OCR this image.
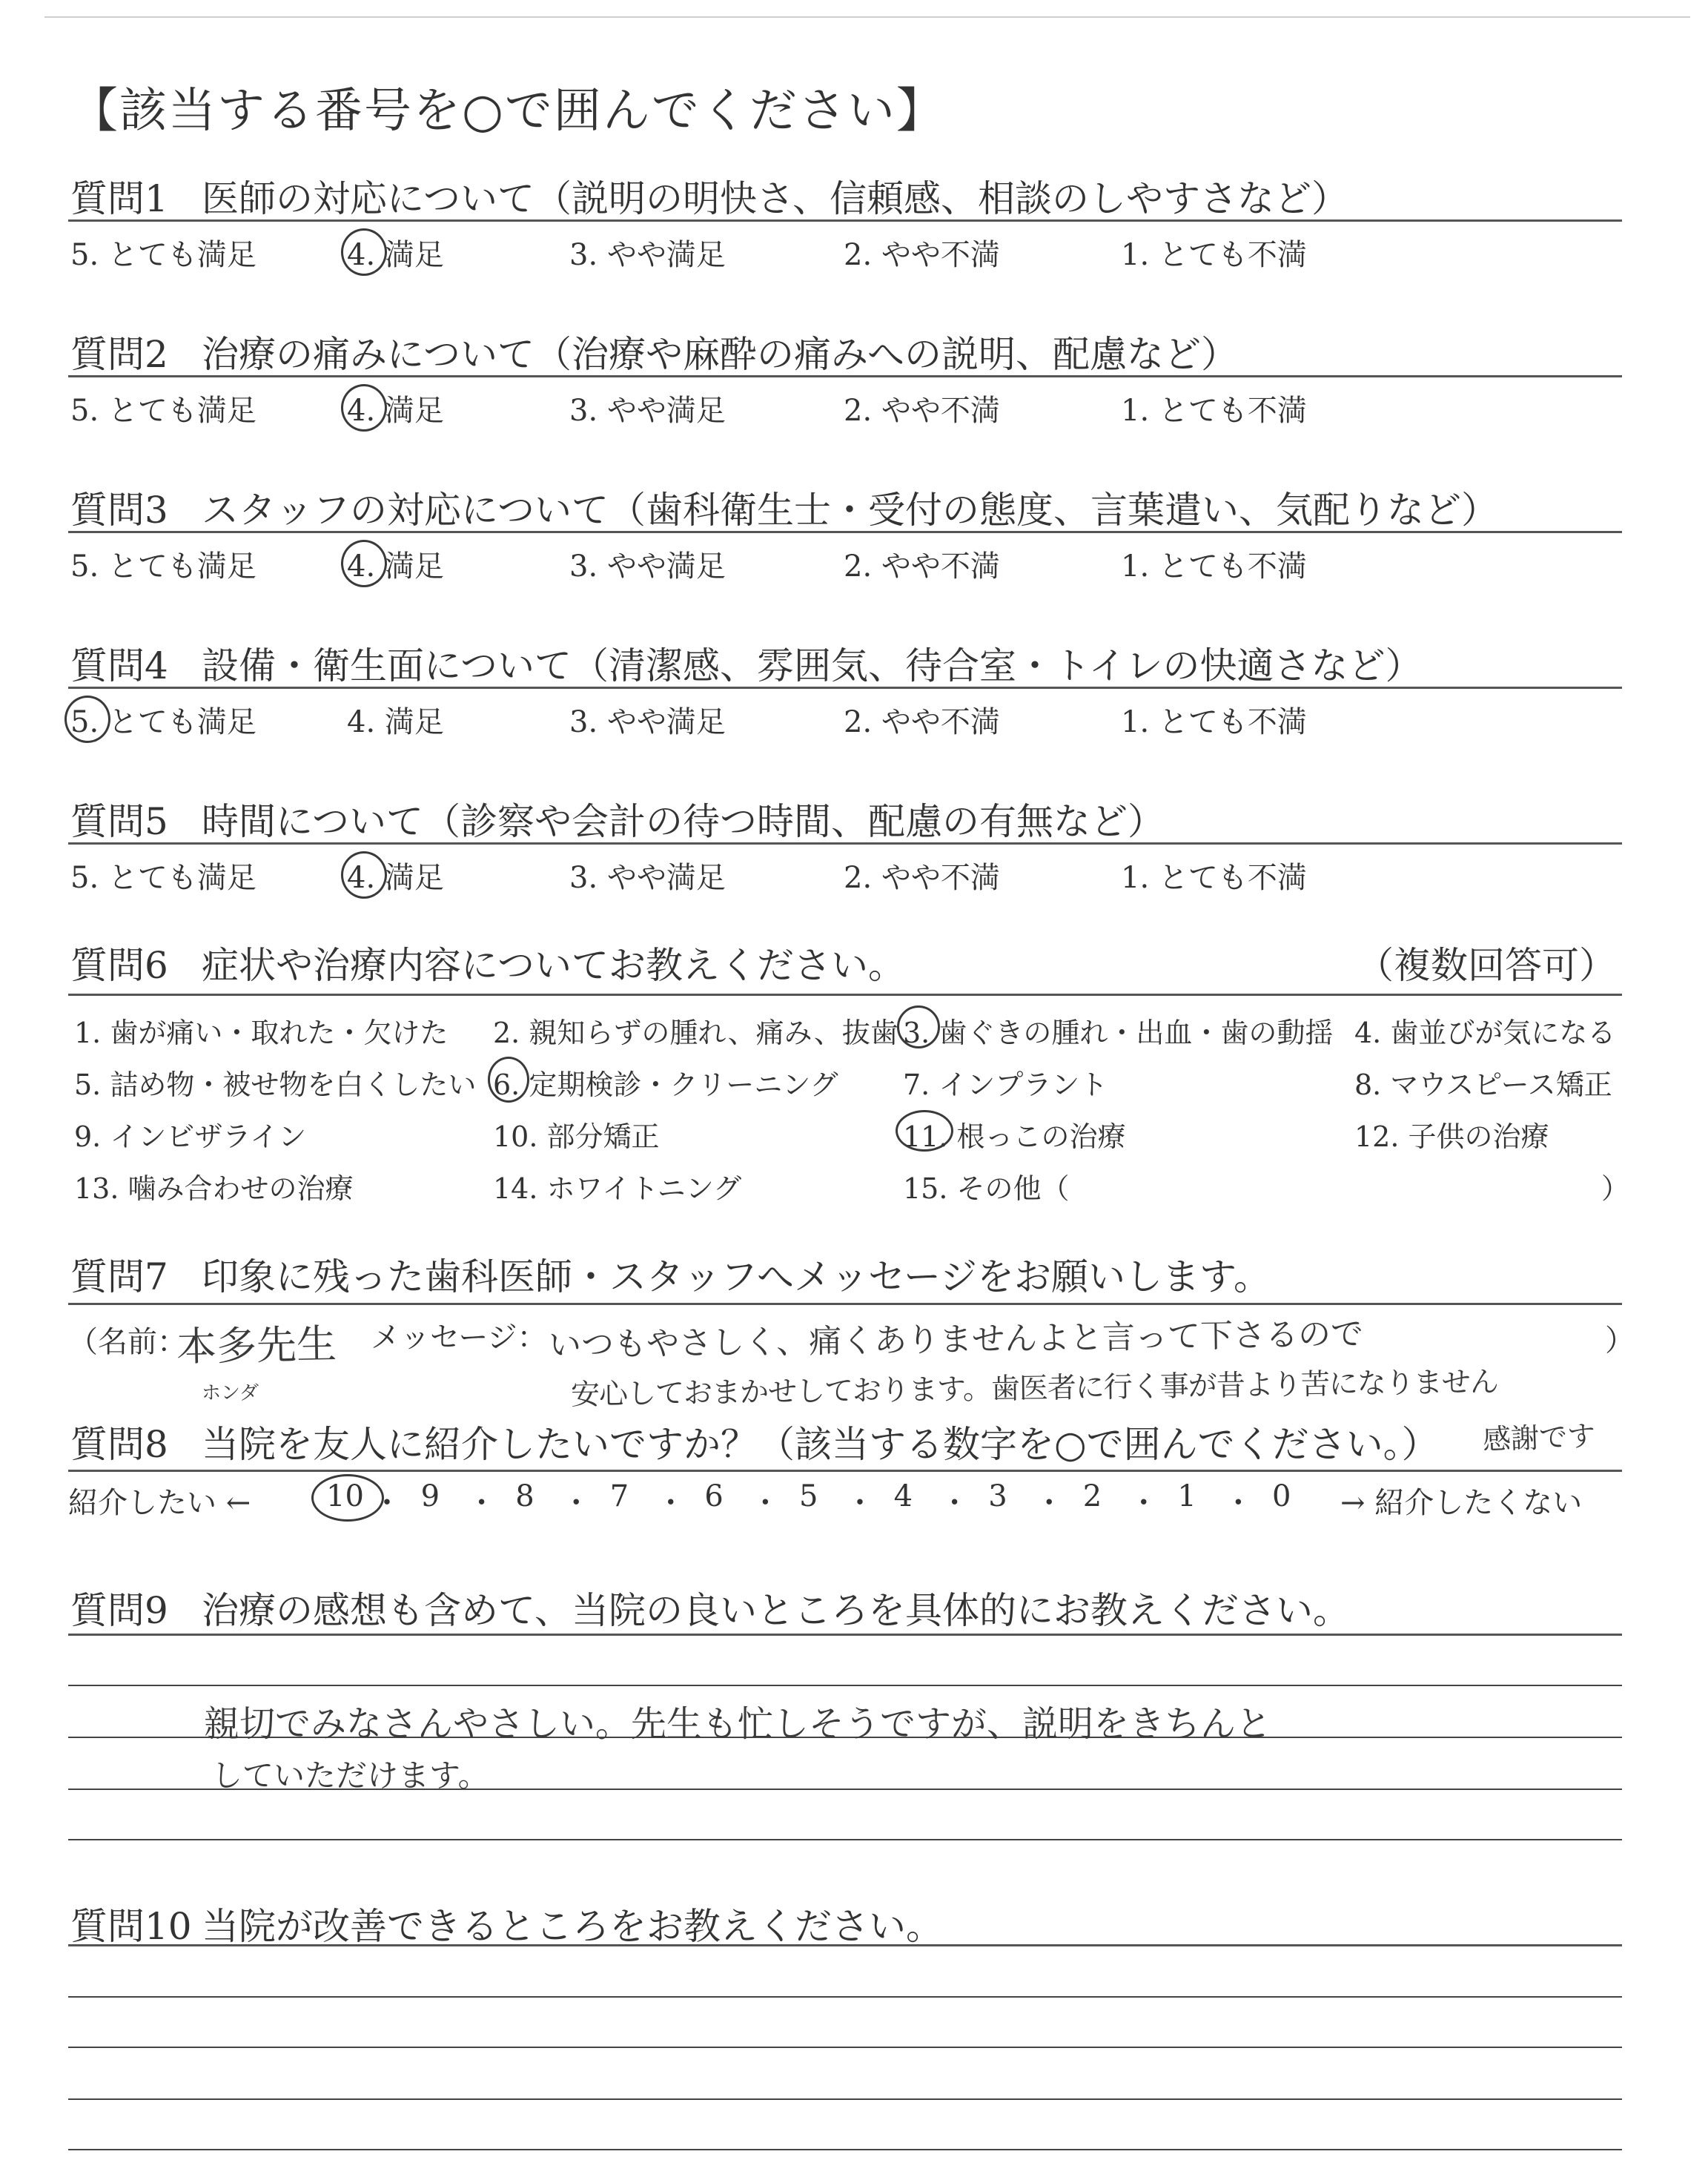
【該当する番号を○で囲んでください】
質問1 医師の対応について（説明の明快さ、信頼感、相談のしやすさなど）
5. とても満足	4. 満足	3. やや満足	2. やや不満	1. とても不満
質問2 治療の痛みについて（治療や麻酔の痛みへの説明、配慮など）
5. とても満足	4. 満足	3. やや満足	2. やや不満	1. とても不満
質問3 スタッフの対応について（歯科衛生士・受付の態度、言葉遣い、気配りなど）
5. とても満足	4. 満足	3. やや満足	2. やや不満	1. とても不満
質問4 設備・衛生面について（清潔感、雰囲気、待合室・トイレの快適さなど）
5. とても満足	4. 満足	3. やや満足	2. やや不満	1. とても不満
質問5 時間について（診察や会計の待つ時間、配慮の有無など）
5. とても満足	4. 満足	3. やや満足	2. やや不満	1. とても不満
質問6 症状や治療内容についてお教えください。	（複数回答可）
1. 歯が痛い・取れた・欠けた 2. 親知らずの腫れ、痛み、抜歯 3. 歯ぐきの腫れ・出血・歯の動揺 4. 歯並びが気になる
5. 詰め物・被せ物を白くしたい 6. 定期検診・クリーニング 7. インプラント	8. マウスピース矯正
9. インビザライン	10. 部分矯正	11. 根っこの治療	12. 子供の治療
13. 噛み合わせの治療	14. ホワイトニング	15. その他（	）
質問7 印象に残った歯科医師・スタッフへメッセージをお願いします。
（名前：
本多先生
ホンダ
メッセージ：	）
いつもやさしく、痛くありませんよと言って下さるので
安心しておまかせしております。歯医者に行く事が昔より苦になりません
質問8 当院を友人に紹介したいですか？（該当する数字を○で囲んでください。） 感謝です
紹介したい ←	→ 紹介したくない
10 ・ 9 ・ 8 ・ 7 ・ 6 ・ 5 ・ 4 ・ 3 ・ 2 ・ 1 ・ 0
質問9 治療の感想も含めて、当院の良いところを具体的にお教えください。
親切でみなさんやさしい。先生も忙しそうですが、説明をきちんと
していただけます。
質問10 当院が改善できるところをお教えください。
